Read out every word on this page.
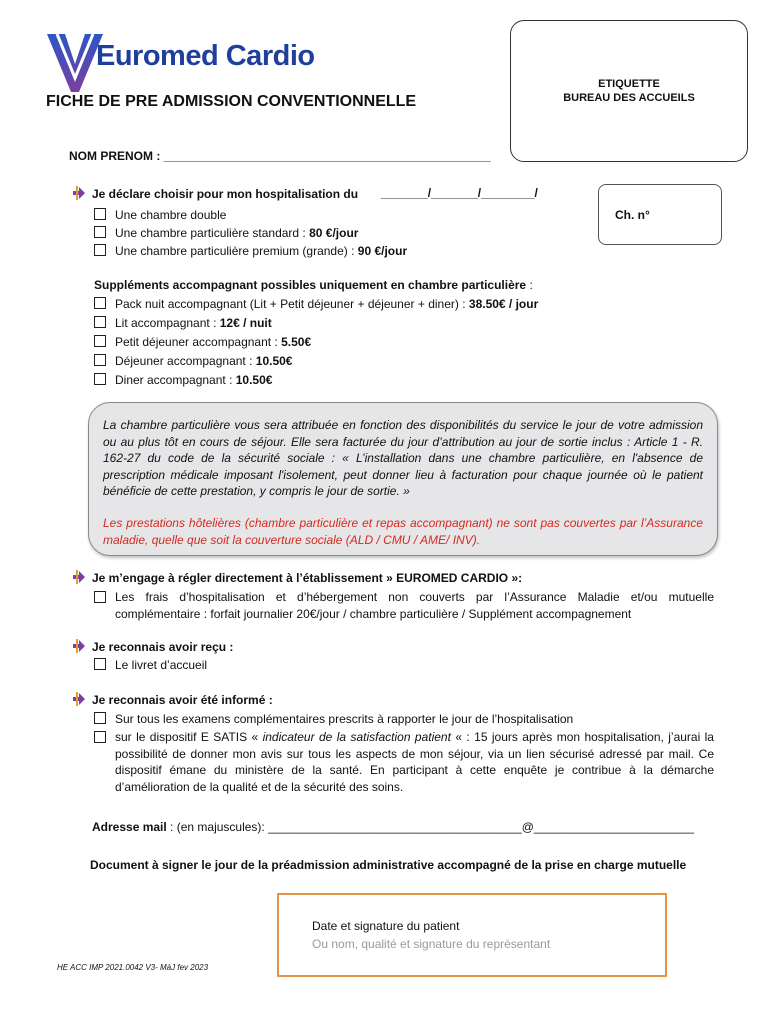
Euromed Cardio
FICHE DE PRE ADMISSION CONVENTIONNELLE
ETIQUETTE
BUREAU DES ACCUEILS
NOM PRENOM : _________________________________________________
Je déclare choisir pour mon hospitalisation du _______/_______/________/
Ch. n°
Une chambre double
Une chambre particulière standard : 80 €/jour
Une chambre particulière premium (grande) : 90 €/jour
Suppléments accompagnant possibles uniquement en chambre particulière :
Pack nuit accompagnant (Lit + Petit déjeuner + déjeuner + diner) : 38.50€ / jour
Lit accompagnant : 12€ / nuit
Petit déjeuner accompagnant : 5.50€
Déjeuner accompagnant : 10.50€
Diner accompagnant : 10.50€
La chambre particulière vous sera attribuée en fonction des disponibilités du service le jour de votre admission ou au plus tôt en cours de séjour. Elle sera facturée du jour d’attribution au jour de sortie inclus : Article 1 - R. 162-27 du code de la sécurité sociale : « L’installation dans une chambre particulière, en l'absence de prescription médicale imposant l'isolement, peut donner lieu à facturation pour chaque journée où le patient bénéficie de cette prestation, y compris le jour de sortie. »
Les prestations hôtelières (chambre particulière et repas accompagnant) ne sont pas couvertes par l’Assurance maladie, quelle que soit la couverture sociale (ALD / CMU / AME/ INV).
Je m’engage à régler directement à l’établissement » EUROMED CARDIO »:
Les frais d’hospitalisation et d’hébergement non couverts par l’Assurance Maladie et/ou mutuelle complémentaire : forfait journalier 20€/jour / chambre particulière / Supplément accompagnement
Je reconnais avoir reçu :
Le livret d’accueil
Je reconnais avoir été informé :
Sur tous les examens complémentaires prescrits à rapporter le jour de l’hospitalisation
sur le dispositif E SATIS « indicateur de la satisfaction patient « : 15 jours après mon hospitalisation, j’aurai la possibilité de donner mon avis sur tous les aspects de mon séjour, via un lien sécurisé adressé par mail. Ce dispositif émane du ministère de la santé. En participant à cette enquête je contribue à la démarche d’amélioration de la qualité et de la sécurité des soins.
Adresse mail : (en majuscules): ______________________________________@________________________
Document à signer le jour de la préadmission administrative accompagné de la prise en charge mutuelle
Date et signature du patient
Ou nom, qualité et signature du représentant
HE ACC IMP 2021.0042 V3- MàJ fev 2023
